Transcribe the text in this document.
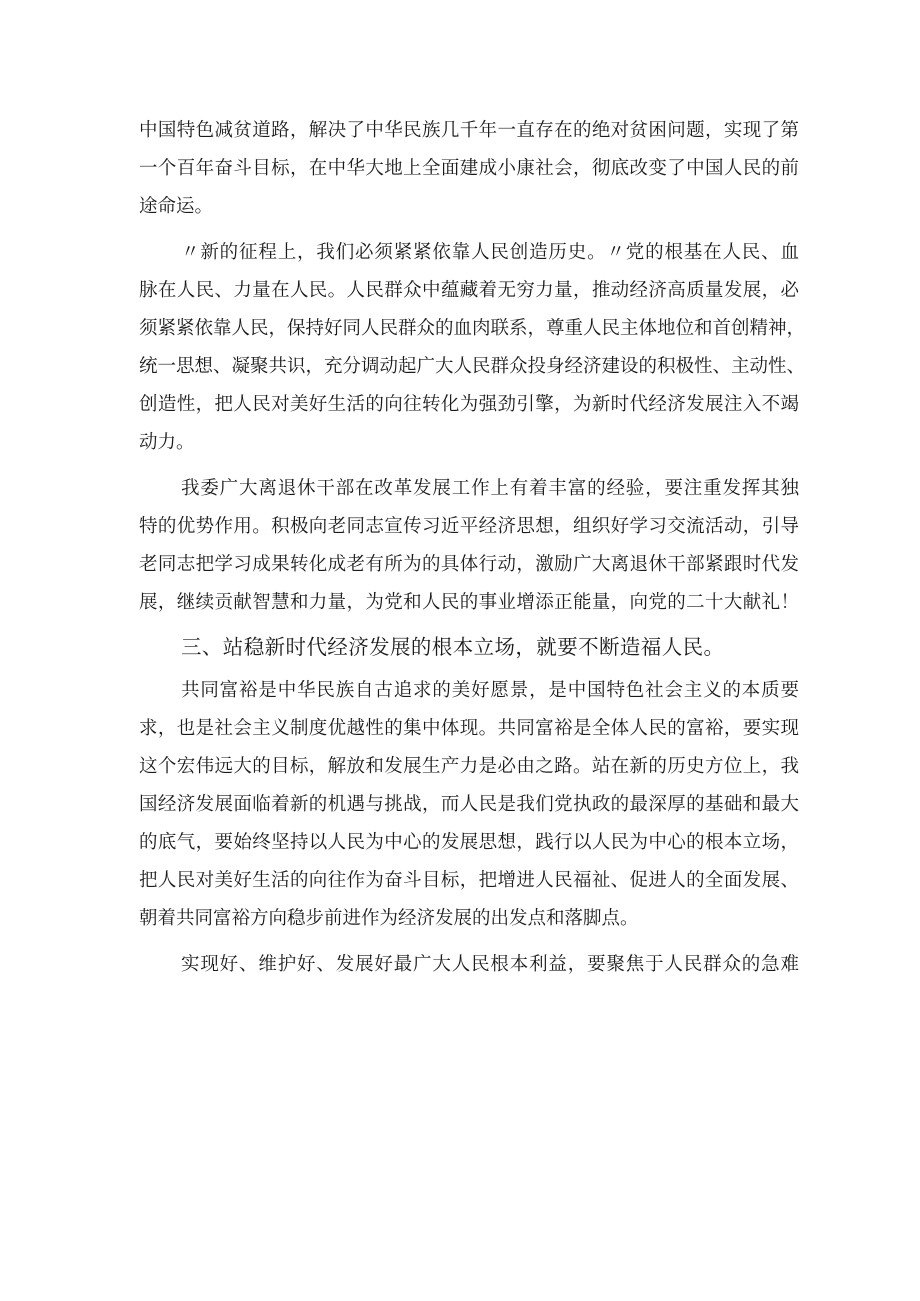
中国特色减贫道路，解决了中华民族几千年一直存在的绝对贫困问题，实现了第
一个百年奋斗目标，在中华大地上全面建成小康社会，彻底改变了中国人民的前
途命运。
〃新的征程上，我们必须紧紧依靠人民创造历史。〃党的根基在人民、血
脉在人民、力量在人民。人民群众中蕴藏着无穷力量，推动经济高质量发展，必
须紧紧依靠人民，保持好同人民群众的血肉联系，尊重人民主体地位和首创精神，
统一思想、凝聚共识，充分调动起广大人民群众投身经济建设的积极性、主动性、
创造性，把人民对美好生活的向往转化为强劲引擎，为新时代经济发展注入不竭
动力。
我委广大离退休干部在改革发展工作上有着丰富的经验，要注重发挥其独
特的优势作用。积极向老同志宣传习近平经济思想，组织好学习交流活动，引导
老同志把学习成果转化成老有所为的具体行动，激励广大离退休干部紧跟时代发
展，继续贡献智慧和力量，为党和人民的事业增添正能量，向党的二十大献礼！
三、站稳新时代经济发展的根本立场，就要不断造福人民。
共同富裕是中华民族自古追求的美好愿景，是中国特色社会主义的本质要
求，也是社会主义制度优越性的集中体现。共同富裕是全体人民的富裕，要实现
这个宏伟远大的目标，解放和发展生产力是必由之路。站在新的历史方位上，我
国经济发展面临着新的机遇与挑战，而人民是我们党执政的最深厚的基础和最大
的底气，要始终坚持以人民为中心的发展思想，践行以人民为中心的根本立场，
把人民对美好生活的向往作为奋斗目标，把增进人民福祉、促进人的全面发展、
朝着共同富裕方向稳步前进作为经济发展的出发点和落脚点。
实现好、维护好、发展好最广大人民根本利益，要聚焦于人民群众的急难
